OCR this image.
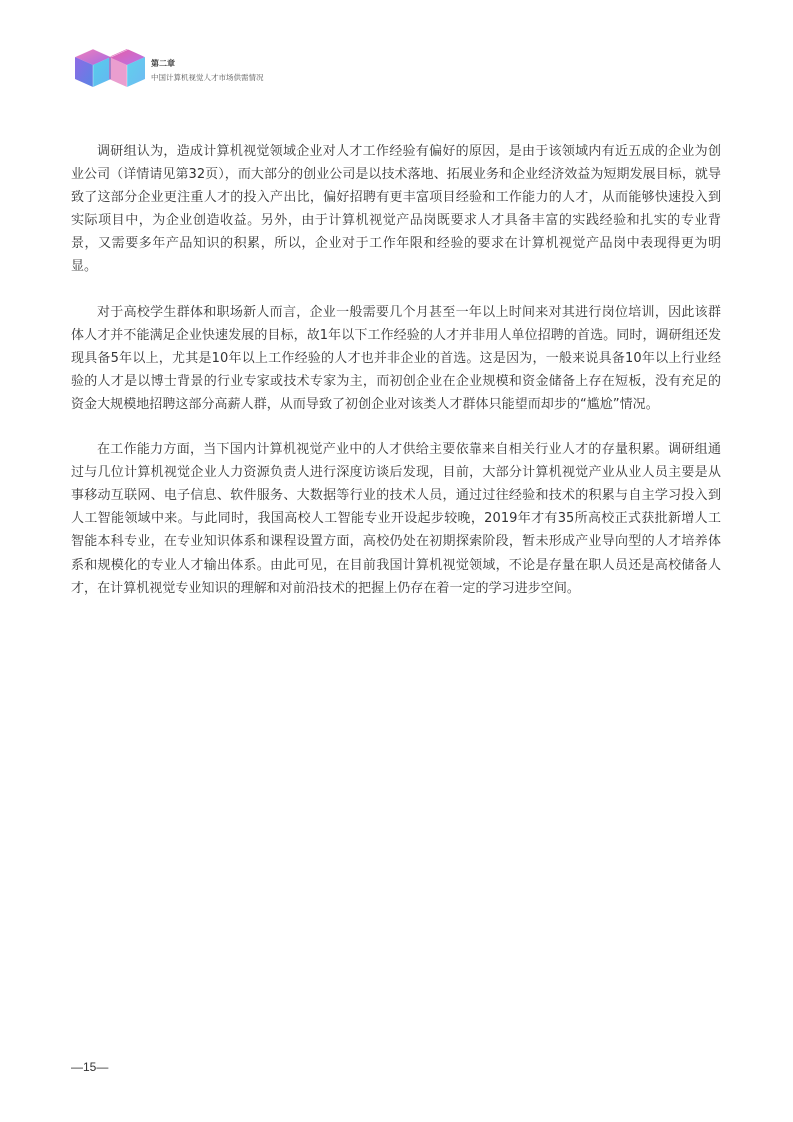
第二章
中国计算机视觉人才市场供需情况

调研组认为，造成计算机视觉领域企业对人才工作经验有偏好的原因，是由于该领域内有近五成的企业为创业公司（详情请见第32页），而大部分的创业公司是以技术落地、拓展业务和企业经济效益为短期发展目标，就导致了这部分企业更注重人才的投入产出比，偏好招聘有更丰富项目经验和工作能力的人才，从而能够快速投入到实际项目中，为企业创造收益。另外，由于计算机视觉产品岗既要求人才具备丰富的实践经验和扎实的专业背景，又需要多年产品知识的积累，所以，企业对于工作年限和经验的要求在计算机视觉产品岗中表现得更为明显。

对于高校学生群体和职场新人而言，企业一般需要几个月甚至一年以上时间来对其进行岗位培训，因此该群体人才并不能满足企业快速发展的目标，故1年以下工作经验的人才并非用人单位招聘的首选。同时，调研组还发现具备5年以上，尤其是10年以上工作经验的人才也并非企业的首选。这是因为，一般来说具备10年以上行业经验的人才是以博士背景的行业专家或技术专家为主，而初创企业在企业规模和资金储备上存在短板，没有充足的资金大规模地招聘这部分高薪人群，从而导致了初创企业对该类人才群体只能望而却步的“尴尬”情况。

在工作能力方面，当下国内计算机视觉产业中的人才供给主要依靠来自相关行业人才的存量积累。调研组通过与几位计算机视觉企业人力资源负责人进行深度访谈后发现，目前，大部分计算机视觉产业从业人员主要是从事移动互联网、电子信息、软件服务、大数据等行业的技术人员，通过过往经验和技术的积累与自主学习投入到人工智能领域中来。与此同时，我国高校人工智能专业开设起步较晚，2019年才有35所高校正式获批新增人工智能本科专业，在专业知识体系和课程设置方面，高校仍处在初期探索阶段，暂未形成产业导向型的人才培养体系和规模化的专业人才输出体系。由此可见，在目前我国计算机视觉领域，不论是存量在职人员还是高校储备人才，在计算机视觉专业知识的理解和对前沿技术的把握上仍存在着一定的学习进步空间。

—15—
